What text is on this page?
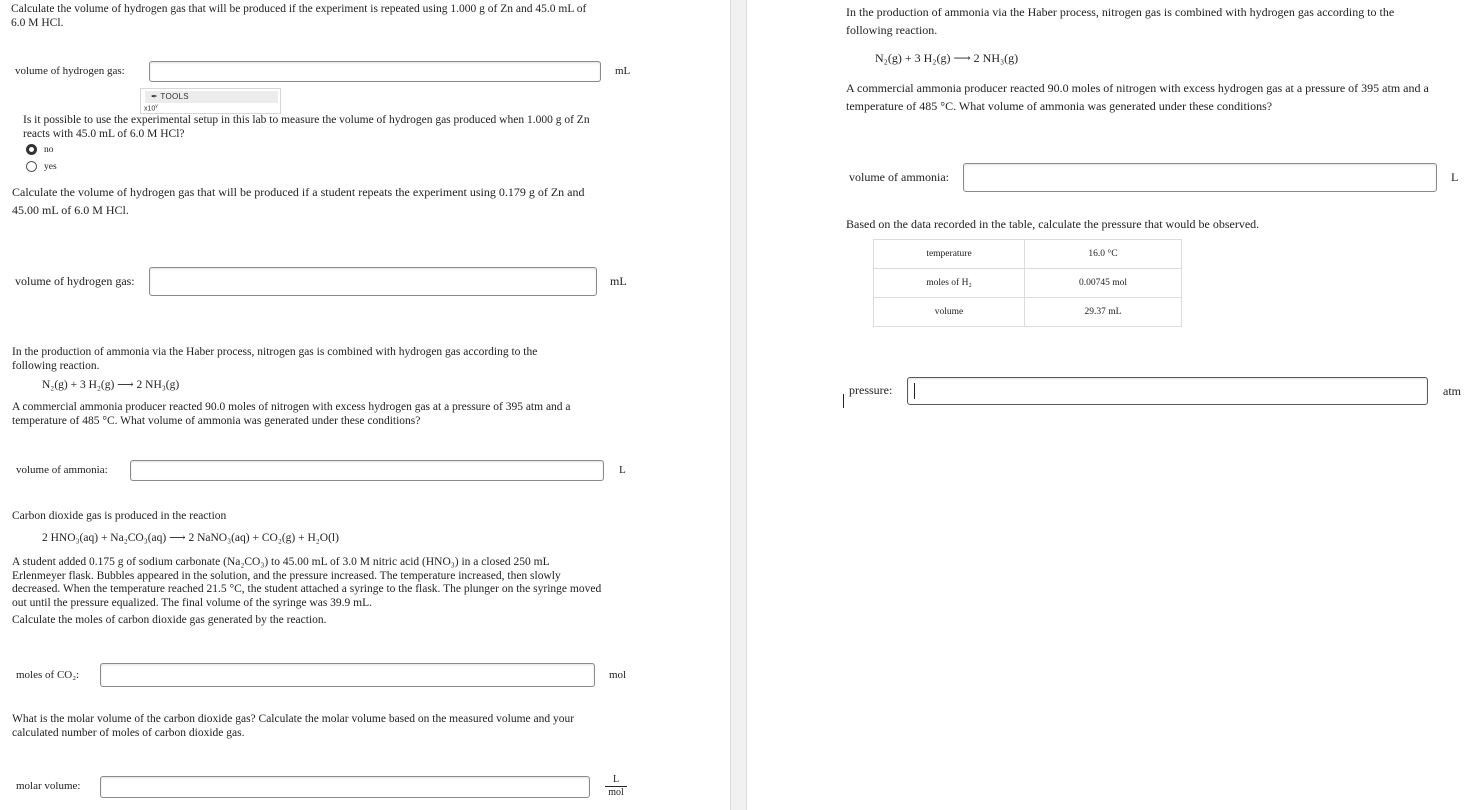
Calculate the volume of hydrogen gas that will be produced if the experiment is repeated using 1.000 g of Zn and 45.0 mL of
6.0 M HCl.
volume of hydrogen gas:	mL
✒ TOOLS
x10$^y$
Is it possible to use the experimental setup in this lab to measure the volume of hydrogen gas produced when 1.000 g of Zn
reacts with 45.0 mL of 6.0 M HCl?
no
yes
Calculate the volume of hydrogen gas that will be produced if a student repeats the experiment using 0.179 g of Zn and
45.00 mL of 6.0 M HCl.
volume of hydrogen gas:	mL
In the production of ammonia via the Haber process, nitrogen gas is combined with hydrogen gas according to the
following reaction.
N₂(g) + 3 H₂(g) ⟶ 2 NH₃(g)
A commercial ammonia producer reacted 90.0 moles of nitrogen with excess hydrogen gas at a pressure of 395 atm and a
temperature of 485 °C. What volume of ammonia was generated under these conditions?
volume of ammonia:	L
Carbon dioxide gas is produced in the reaction
2 HNO₃(aq) + Na₂CO₃(aq) ⟶ 2 NaNO₃(aq) + CO₂(g) + H₂O(l)
A student added 0.175 g of sodium carbonate (Na₂CO₃) to 45.00 mL of 3.0 M nitric acid (HNO₃) in a closed 250 mL
Erlenmeyer flask. Bubbles appeared in the solution, and the pressure increased. The temperature increased, then slowly
decreased. When the temperature reached 21.5 °C, the student attached a syringe to the flask. The plunger on the syringe moved
out until the pressure equalized. The final volume of the syringe was 39.9 mL.
Calculate the moles of carbon dioxide gas generated by the reaction.
moles of CO₂:	mol
What is the molar volume of the carbon dioxide gas? Calculate the molar volume based on the measured volume and your
calculated number of moles of carbon dioxide gas.
molar volume:
L
mol
In the production of ammonia via the Haber process, nitrogen gas is combined with hydrogen gas according to the
following reaction.
N₂(g) + 3 H₂(g) ⟶ 2 NH₃(g)
A commercial ammonia producer reacted 90.0 moles of nitrogen with excess hydrogen gas at a pressure of 395 atm and a
temperature of 485 °C. What volume of ammonia was generated under these conditions?
volume of ammonia:	L
Based on the data recorded in the table, calculate the pressure that would be observed.
temperature	16.0 °C
moles of H₂	0.00745 mol
volume	29.37 mL
pressure:	atm
